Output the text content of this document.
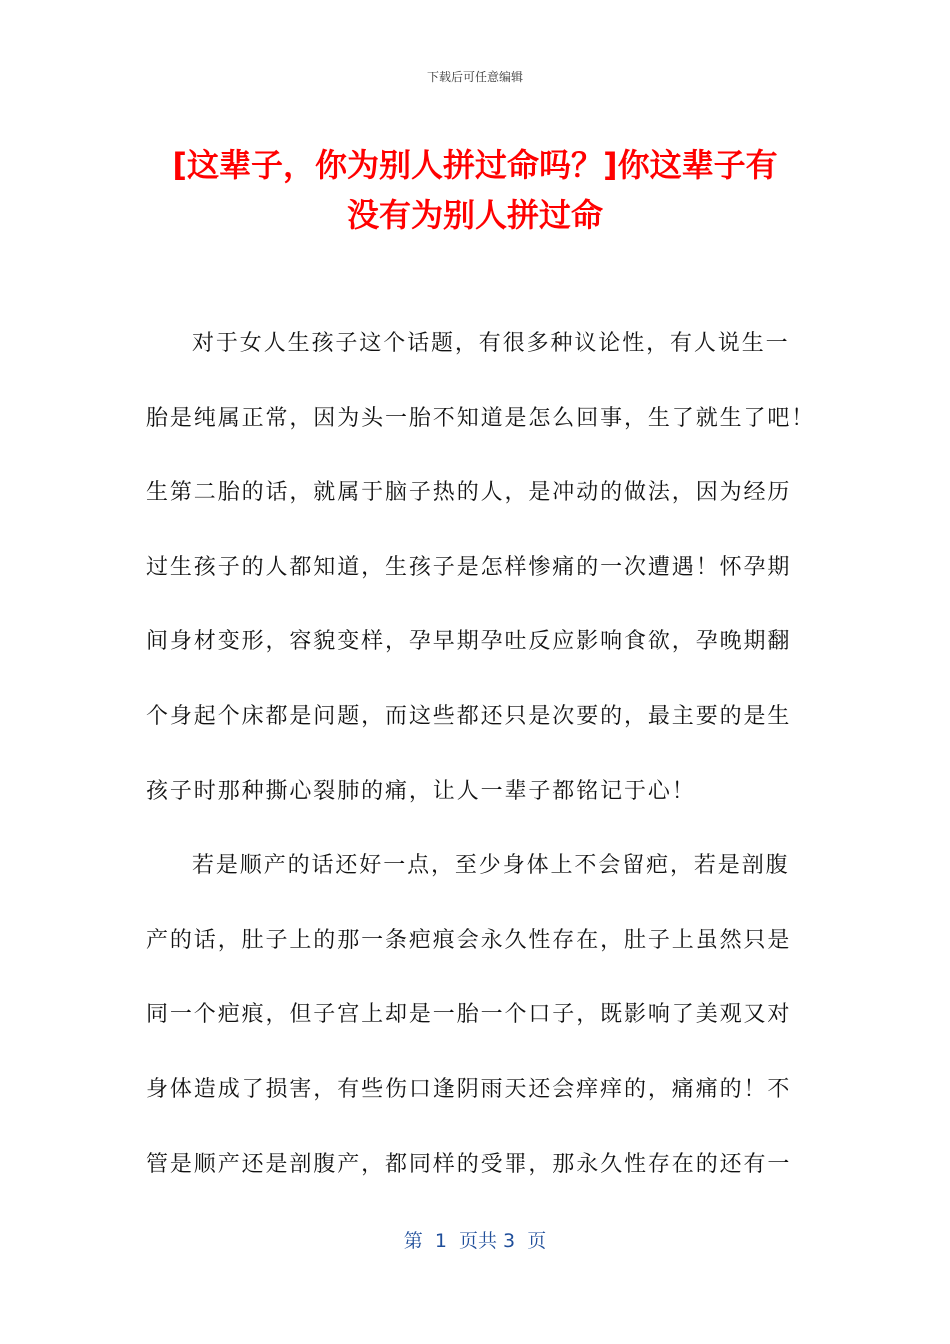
下载后可任意编辑
[这辈子，你为别人拼过命吗？]你这辈子有
没有为别人拼过命
对于女人生孩子这个话题，有很多种议论性，有人说生一
胎是纯属正常，因为头一胎不知道是怎么回事，生了就生了吧！
生第二胎的话，就属于脑子热的人，是冲动的做法，因为经历
过生孩子的人都知道，生孩子是怎样惨痛的一次遭遇！怀孕期
间身材变形，容貌变样，孕早期孕吐反应影响食欲，孕晚期翻
个身起个床都是问题，而这些都还只是次要的，最主要的是生
孩子时那种撕心裂肺的痛，让人一辈子都铭记于心！
若是顺产的话还好一点，至少身体上不会留疤，若是剖腹
产的话，肚子上的那一条疤痕会永久性存在，肚子上虽然只是
同一个疤痕，但子宫上却是一胎一个口子，既影响了美观又对
身体造成了损害，有些伤口逢阴雨天还会痒痒的，痛痛的！不
管是顺产还是剖腹产，都同样的受罪，那永久性存在的还有一
第  1  页共 3  页
